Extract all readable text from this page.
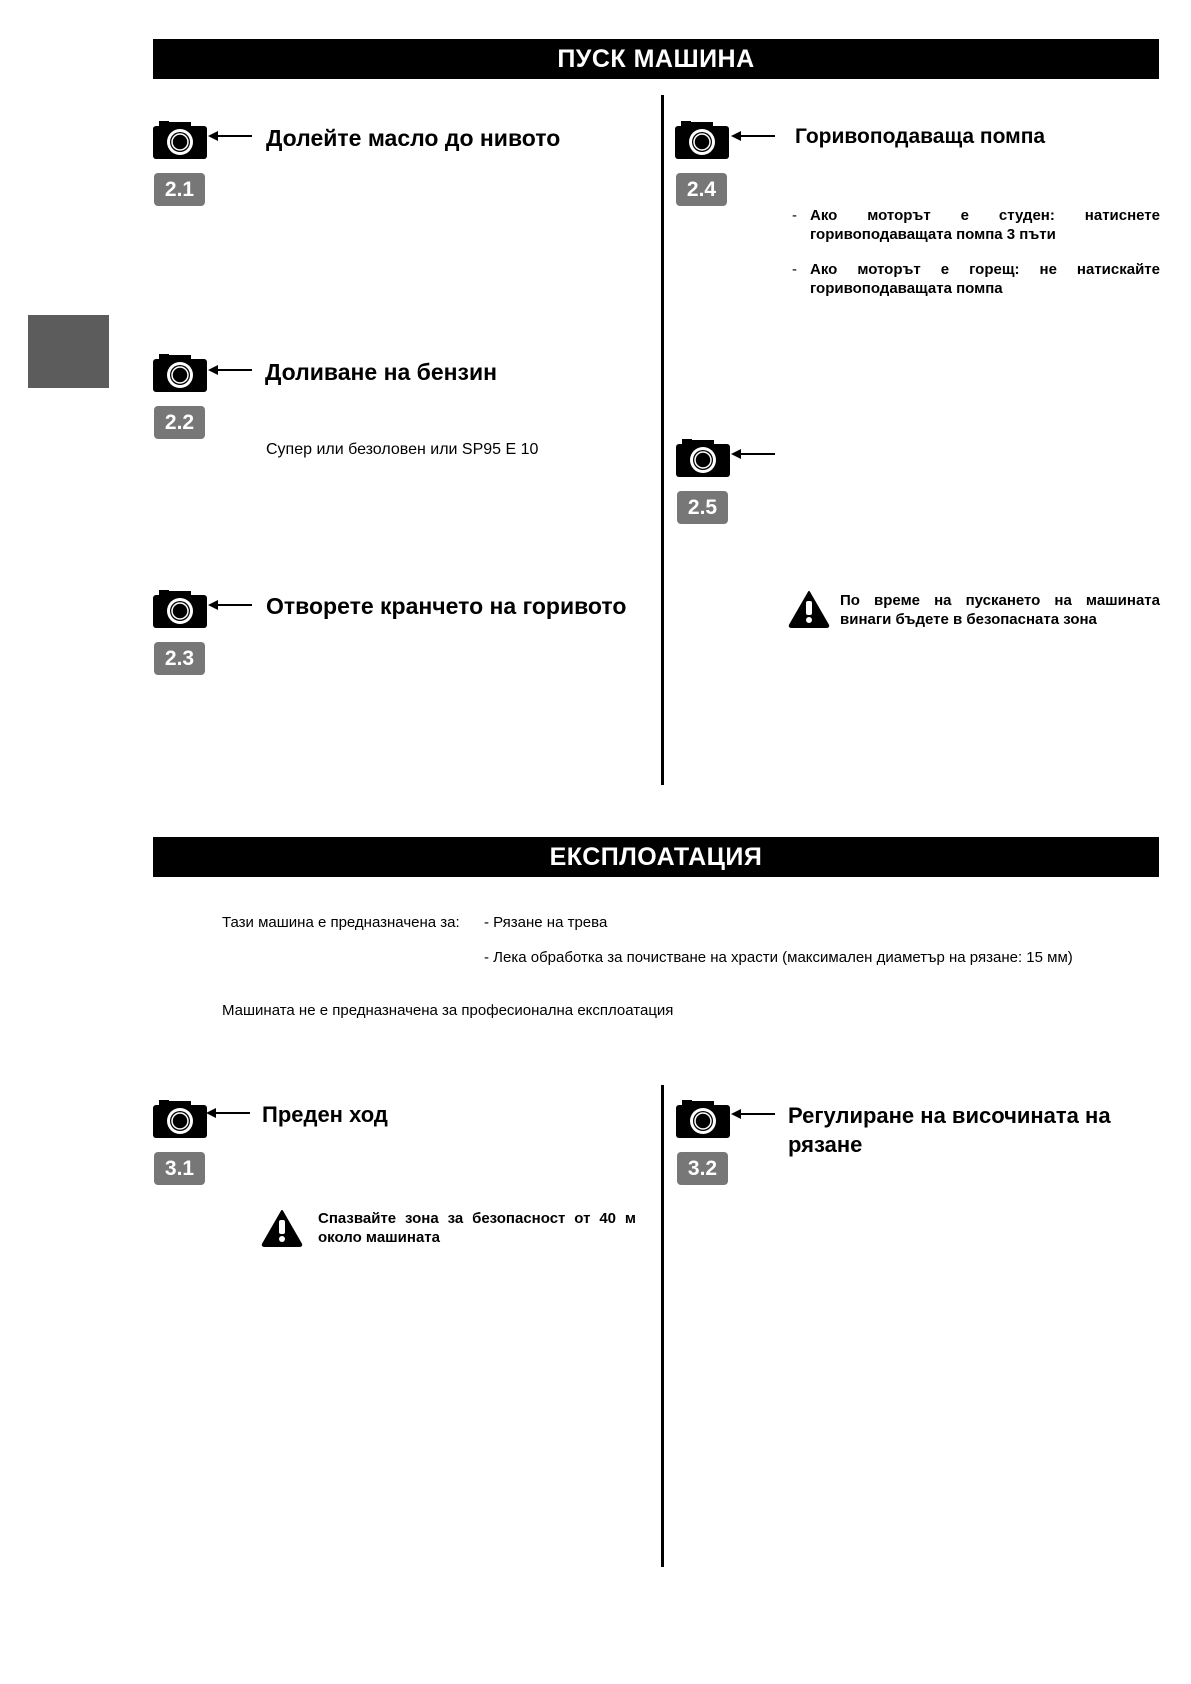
ПУСК МАШИНА
2.1
Долейте масло до нивото
2.2
Доливане на бензин
Супер или безоловен или SP95 E 10
2.3
Отворете кранчето на горивото
2.4
Горивоподаваща помпа
- Ако моторът е студен: натиснете горивоподаващата помпа 3 пъти
- Ако моторът е горещ: не натискайте горивоподаващата помпа
2.5
По време на пускането на машината винаги бъдете в безопасната зона
ЕКСПЛОАТАЦИЯ
Тази машина е предназначена за: - Рязане на трева
- Лека обработка за почистване на храсти (максимален диаметър на рязане: 15 мм)
Машината не е предназначена за професионална експлоатация
3.1
Преден ход
Спазвайте зона за безопасност от 40 м около машината
3.2
Регулиране на височината на
рязане
